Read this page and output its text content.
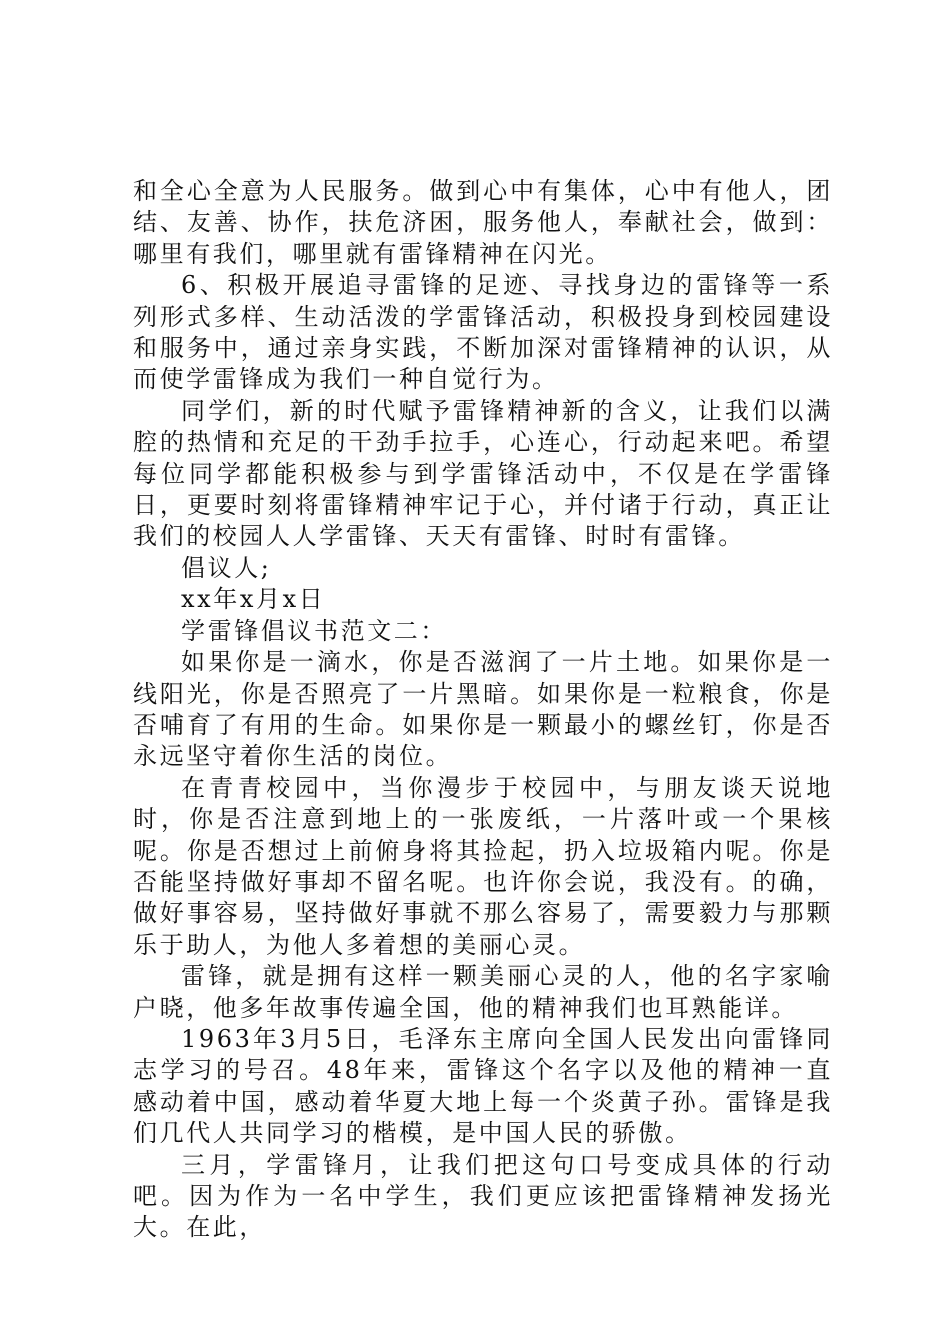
和全心全意为人民服务。做到心中有集体，心中有他人，团结、友善、协作，扶危济困，服务他人，奉献社会，做到：哪里有我们，哪里就有雷锋精神在闪光。

6、积极开展追寻雷锋的足迹、寻找身边的雷锋等一系列形式多样、生动活泼的学雷锋活动，积极投身到校园建设和服务中，通过亲身实践，不断加深对雷锋精神的认识，从而使学雷锋成为我们一种自觉行为。

同学们，新的时代赋予雷锋精神新的含义，让我们以满腔的热情和充足的干劲手拉手，心连心，行动起来吧。希望每位同学都能积极参与到学雷锋活动中，不仅是在学雷锋日，更要时刻将雷锋精神牢记于心，并付诸于行动，真正让我们的校园人人学雷锋、天天有雷锋、时时有雷锋。

倡议人;

xx年x月x日

学雷锋倡议书范文二：

如果你是一滴水，你是否滋润了一片土地。如果你是一线阳光，你是否照亮了一片黑暗。如果你是一粒粮食，你是否哺育了有用的生命。如果你是一颗最小的螺丝钉，你是否永远坚守着你生活的岗位。

在青青校园中，当你漫步于校园中，与朋友谈天说地时，你是否注意到地上的一张废纸，一片落叶或一个果核呢。你是否想过上前俯身将其捡起，扔入垃圾箱内呢。你是否能坚持做好事却不留名呢。也许你会说，我没有。的确，做好事容易，坚持做好事就不那么容易了，需要毅力与那颗乐于助人，为他人多着想的美丽心灵。

雷锋，就是拥有这样一颗美丽心灵的人，他的名字家喻户晓，他多年故事传遍全国，他的精神我们也耳熟能详。

1963年3月5日，毛泽东主席向全国人民发出向雷锋同志学习的号召。48年来，雷锋这个名字以及他的精神一直感动着中国，感动着华夏大地上每一个炎黄子孙。雷锋是我们几代人共同学习的楷模，是中国人民的骄傲。

三月，学雷锋月，让我们把这句口号变成具体的行动吧。因为作为一名中学生，我们更应该把雷锋精神发扬光大。在此，
